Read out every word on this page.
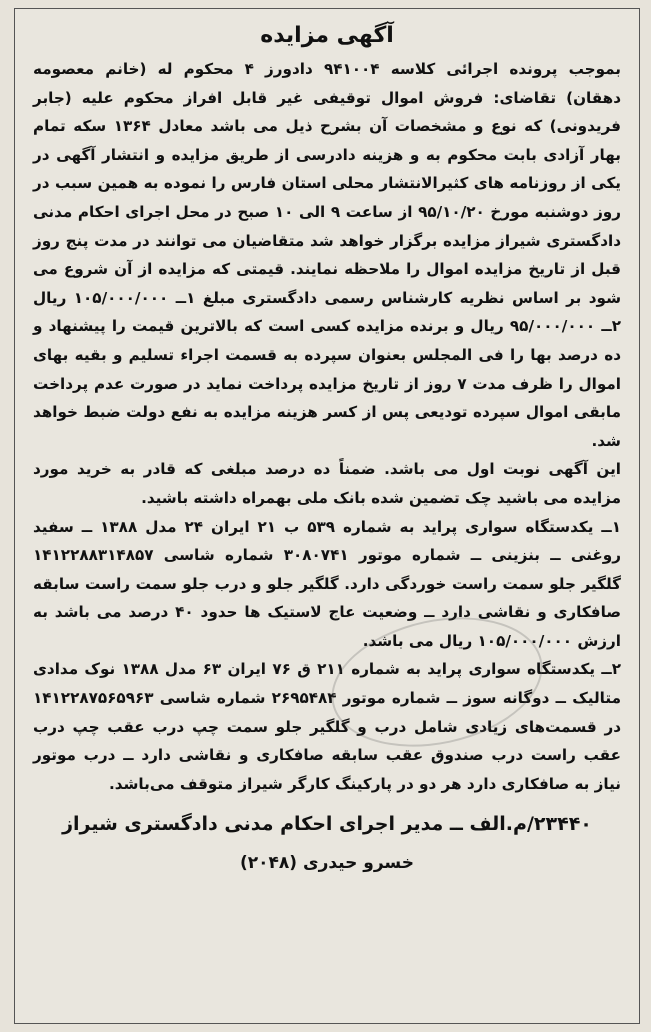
آگهی مزایده

بموجب پرونده اجرائی کلاسه ۹۴۱۰۰۴ دادورز ۴ محکوم له (خانم معصومه دهقان) تقاضای: فروش اموال توقیفی غیر قابل افراز محکوم علیه (جابر فریدونی) که نوع و مشخصات آن بشرح ذیل می باشد معادل ۱۳۶۴ سکه تمام بهار آزادی بابت محکوم به و هزینه دادرسی از طریق مزایده و انتشار آگهی در یکی از روزنامه های کثیرالانتشار محلی استان فارس را نموده به همین سبب در روز دوشنبه مورخ ۹۵/۱۰/۲۰ از ساعت ۹ الی ۱۰ صبح در محل اجرای احکام مدنی دادگستری شیراز مزایده برگزار خواهد شد متقاضیان می توانند در مدت پنج روز قبل از تاریخ مزایده اموال را ملاحظه نمایند. قیمتی که مزایده از آن شروع می شود بر اساس نظریه کارشناس رسمی دادگستری مبلغ ۱ــ ۱۰۵/۰۰۰/۰۰۰ ریال ۲ــ ۹۵/۰۰۰/۰۰۰ ریال و برنده مزایده کسی است که بالاترین قیمت را پیشنهاد و ده درصد بها را فی المجلس بعنوان سپرده به قسمت اجراء تسلیم و بقیه بهای اموال را ظرف مدت ۷ روز از تاریخ مزایده پرداخت نماید در صورت عدم پرداخت مابقی اموال سپرده تودیعی پس از کسر هزینه مزایده به نفع دولت ضبط خواهد شد.

این آگهی نوبت اول می باشد. ضمناً ده درصد مبلغی که قادر به خرید مورد مزایده می باشید چک تضمین شده بانک ملی بهمراه داشته باشید.

۱ــ یکدستگاه سواری پراید به شماره ۵۳۹ ب ۲۱ ایران ۲۴ مدل ۱۳۸۸ ــ سفید روغنی ــ بنزینی ــ شماره موتور ۳۰۸۰۷۴۱ شماره شاسی ۱۴۱۲۲۸۸۳۱۴۸۵۷ گلگیر جلو سمت راست خوردگی دارد. گلگیر جلو و درب جلو سمت راست سابقه صافکاری و نقاشی دارد ــ وضعیت عاج لاستیک ها حدود ۴۰ درصد می باشد به ارزش ۱۰۵/۰۰۰/۰۰۰ ریال می باشد.

۲ــ یکدستگاه سواری پراید به شماره ۲۱۱ ق ۷۶ ایران ۶۳ مدل ۱۳۸۸ نوک مدادی متالیک ــ دوگانه سوز ــ شماره موتور ۲۶۹۵۴۸۴ شماره شاسی ۱۴۱۲۲۸۷۵۶۵۹۶۳ در قسمت‌های زیادی شامل درب و گلگیر جلو سمت چپ درب عقب چپ درب عقب راست درب صندوق عقب سابقه صافکاری و نقاشی دارد ــ درب موتور نیاز به صافکاری دارد هر دو در پارکینگ کارگر شیراز متوقف می‌باشد.

۲۳۴۴۰/م.الف ــ مدیر اجرای احکام مدنی دادگستری شیراز
خسرو حیدری (۲۰۴۸)
